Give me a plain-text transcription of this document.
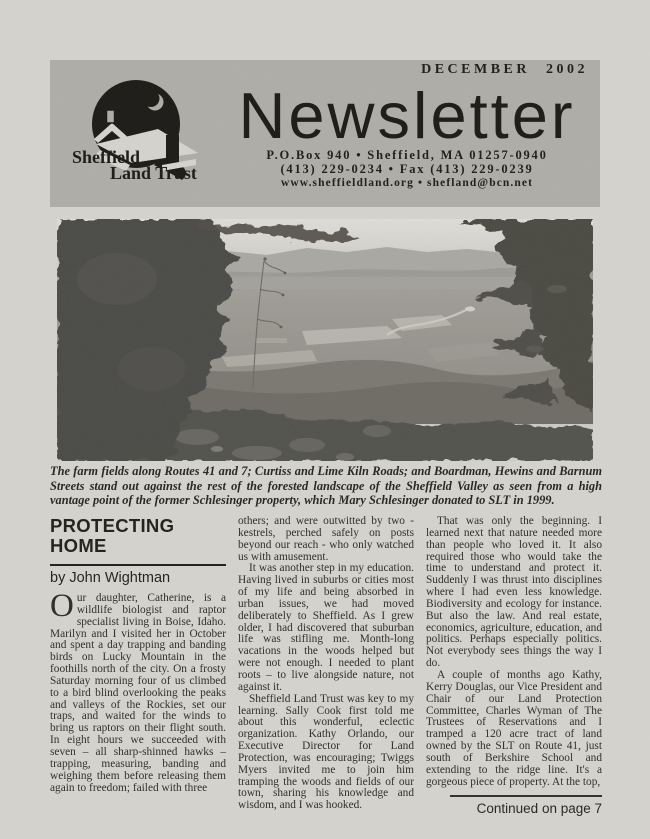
DECEMBER 2002
Sheffield
Land Trust
Newsletter
P.O.Box 940 • Sheffield, MA 01257-0940
(413) 229-0234 • Fax (413) 229-0239
www.sheffieldland.org • shefland@bcn.net
The farm fields along Routes 41 and 7; Curtiss and Lime Kiln Roads; and Boardman, Hewins and Barnum Streets stand out against the rest of the forested landscape of the Sheffield Valley as seen from a high vantage point of the former Schlesinger property, which Mary Schlesinger donated to SLT in 1999.
PROTECTING
HOME
by John Wightman

Our daughter, Catherine, is a wildlife biologist and raptor specialist living in Boise, Idaho. Marilyn and I visited her in October and spent a day trapping and banding birds on Lucky Mountain in the foothills north of the city. On a frosty Saturday morning four of us climbed to a bird blind overlooking the peaks and valleys of the Rockies, set our traps, and waited for the winds to bring us raptors on their flight south. In eight hours we succeeded with seven – all sharp-shinned hawks – trapping, measuring, banding and weighing them before releasing them again to freedom; failed with three

others; and were outwitted by two - kestrels, perched safely on posts beyond our reach - who only watched us with amusement.

It was another step in my education. Having lived in suburbs or cities most of my life and being absorbed in urban issues, we had moved deliberately to Sheffield. As I grew older, I had discovered that suburban life was stifling me. Month-long vacations in the woods helped but were not enough. I needed to plant roots – to live alongside nature, not against it.

Sheffield Land Trust was key to my learning. Sally Cook first told me about this wonderful, eclectic organization. Kathy Orlando, our Executive Director for Land Protection, was encouraging; Twiggs Myers invited me to join him tramping the woods and fields of our town, sharing his knowledge and wisdom, and I was hooked.

That was only the beginning. I learned next that nature needed more than people who loved it. It also required those who would take the time to understand and protect it. Suddenly I was thrust into disciplines where I had even less knowledge. Biodiversity and ecology for instance. But also the law. And real estate, economics, agriculture, education, and politics. Perhaps especially politics. Not everybody sees things the way I do.

A couple of months ago Kathy, Kerry Douglas, our Vice President and Chair of our Land Protection Committee, Charles Wyman of The Trustees of Reservations and I tramped a 120 acre tract of land owned by the SLT on Route 41, just south of Berkshire School and extending to the ridge line. It's a gorgeous piece of property. At the top,

Continued on page 7
